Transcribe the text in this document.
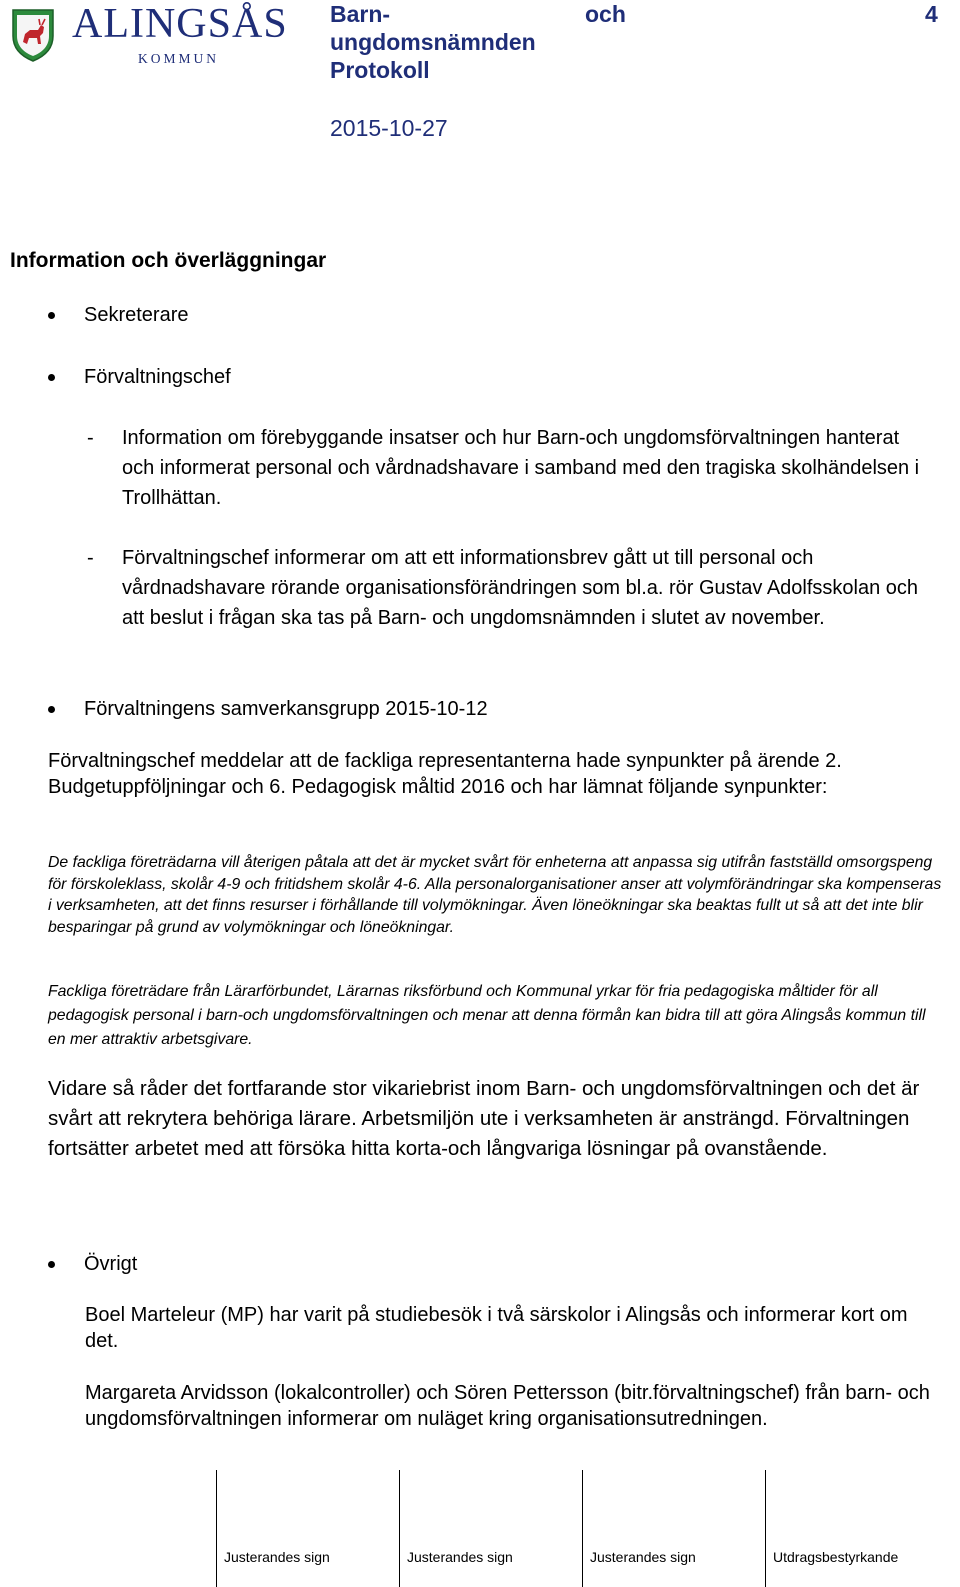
ALINGSÅS
KOMMUN
Barn- ungdomsnämnden Protokoll
och	4
2015-10-27
Information och överläggningar
Sekreterare
Förvaltningschef
- Information om förebyggande insatser och hur Barn-och ungdomsförvaltningen hanterat och informerat personal och vårdnadshavare i samband med den tragiska skolhändelsen i Trollhättan.
- Förvaltningschef informerar om att ett informationsbrev gått ut till personal och vårdnadshavare rörande organisationsförändringen som bl.a. rör Gustav Adolfsskolan och att beslut i frågan ska tas på Barn- och ungdomsnämnden i slutet av november.
Förvaltningens samverkansgrupp 2015-10-12
Förvaltningschef meddelar att de fackliga representanterna hade synpunkter på ärende 2. Budgetuppföljningar och 6. Pedagogisk måltid 2016 och har lämnat följande synpunkter:
De fackliga företrädarna vill återigen påtala att det är mycket svårt för enheterna att anpassa sig utifrån fastställd omsorgspeng för förskoleklass, skolår 4-9 och fritidshem skolår 4-6. Alla personalorganisationer anser att volymförändringar ska kompenseras i verksamheten, att det finns resurser i förhållande till volymökningar. Även löneökningar ska beaktas fullt ut så att det inte blir besparingar på grund av volymökningar och löneökningar.
Fackliga företrädare från Lärarförbundet, Lärarnas riksförbund och Kommunal yrkar för fria pedagogiska måltider för all pedagogisk personal i barn-och ungdomsförvaltningen och menar att denna förmån kan bidra till att göra Alingsås kommun till en mer attraktiv arbetsgivare.
Vidare så råder det fortfarande stor vikariebrist inom Barn- och ungdomsförvaltningen och det är svårt att rekrytera behöriga lärare. Arbetsmiljön ute i verksamheten är ansträngd. Förvaltningen fortsätter arbetet med att försöka hitta korta-och långvariga lösningar på ovanstående.
Övrigt
Boel Marteleur (MP) har varit på studiebesök i två särskolor i Alingsås och informerar kort om det.
Margareta Arvidsson (lokalcontroller) och Sören Pettersson (bitr.förvaltningschef) från barn- och ungdomsförvaltningen informerar om nuläget kring organisationsutredningen.
Justerandes sign	Justerandes sign	Justerandes sign	Utdragsbestyrkande
